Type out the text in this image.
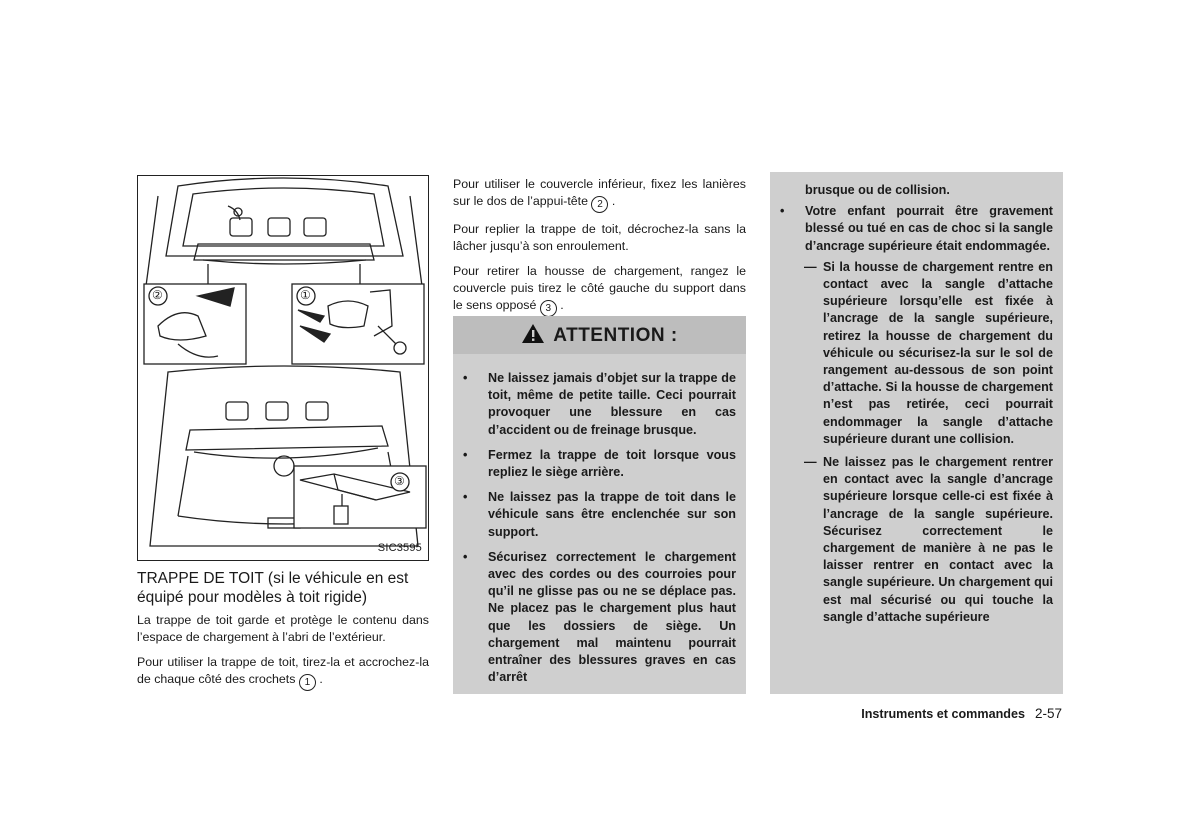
②	①
③
SIC3595
TRAPPE DE TOIT (si le véhicule en est équipé pour modèles à toit rigide)

La trappe de toit garde et protège le contenu dans l’espace de chargement à l’abri de l’extérieur.

Pour utiliser la trappe de toit, tirez-la et accrochez-la de chaque côté des crochets 1 .

Pour utiliser le couvercle inférieur, fixez les lanières sur le dos de l’appui-tête 2 .

Pour replier la trappe de toit, décrochez-la sans la lâcher jusqu’à son enroulement.

Pour retirer la housse de chargement, rangez le couvercle puis tirez le côté gauche du support dans le sens opposé 3 .

ATTENTION :
• Ne laissez jamais d’objet sur la trappe de toit, même de petite taille. Ceci pourrait provoquer une blessure en cas d’accident ou de freinage brusque.
• Fermez la trappe de toit lorsque vous repliez le siège arrière.
• Ne laissez pas la trappe de toit dans le véhicule sans être enclenchée sur son support.
• Sécurisez correctement le chargement avec des cordes ou des courroies pour qu’il ne glisse pas ou ne se déplace pas. Ne placez pas le chargement plus haut que les dossiers de siège. Un chargement mal maintenu pourrait entraîner des blessures graves en cas d’arrêt
brusque ou de collision.
• Votre enfant pourrait être gravement blessé ou tué en cas de choc si la sangle d’ancrage supérieure était endommagée.
— Si la housse de chargement rentre en contact avec la sangle d’attache supérieure lorsqu’elle est fixée à l’ancrage de la sangle supérieure, retirez la housse de chargement du véhicule ou sécurisez-la sur le sol de rangement au-dessous de son point d’attache. Si la housse de chargement n’est pas retirée, ceci pourrait endommager la sangle d’attache supérieure durant une collision.
— Ne laissez pas le chargement rentrer en contact avec la sangle d’ancrage supérieure lorsque celle-ci est fixée à l’ancrage de la sangle supérieure. Sécurisez correctement le chargement de manière à ne pas le laisser rentrer en contact avec la sangle supérieure. Un chargement qui est mal sécurisé ou qui touche la sangle d’attache supérieure
Instruments et commandes 2-57
